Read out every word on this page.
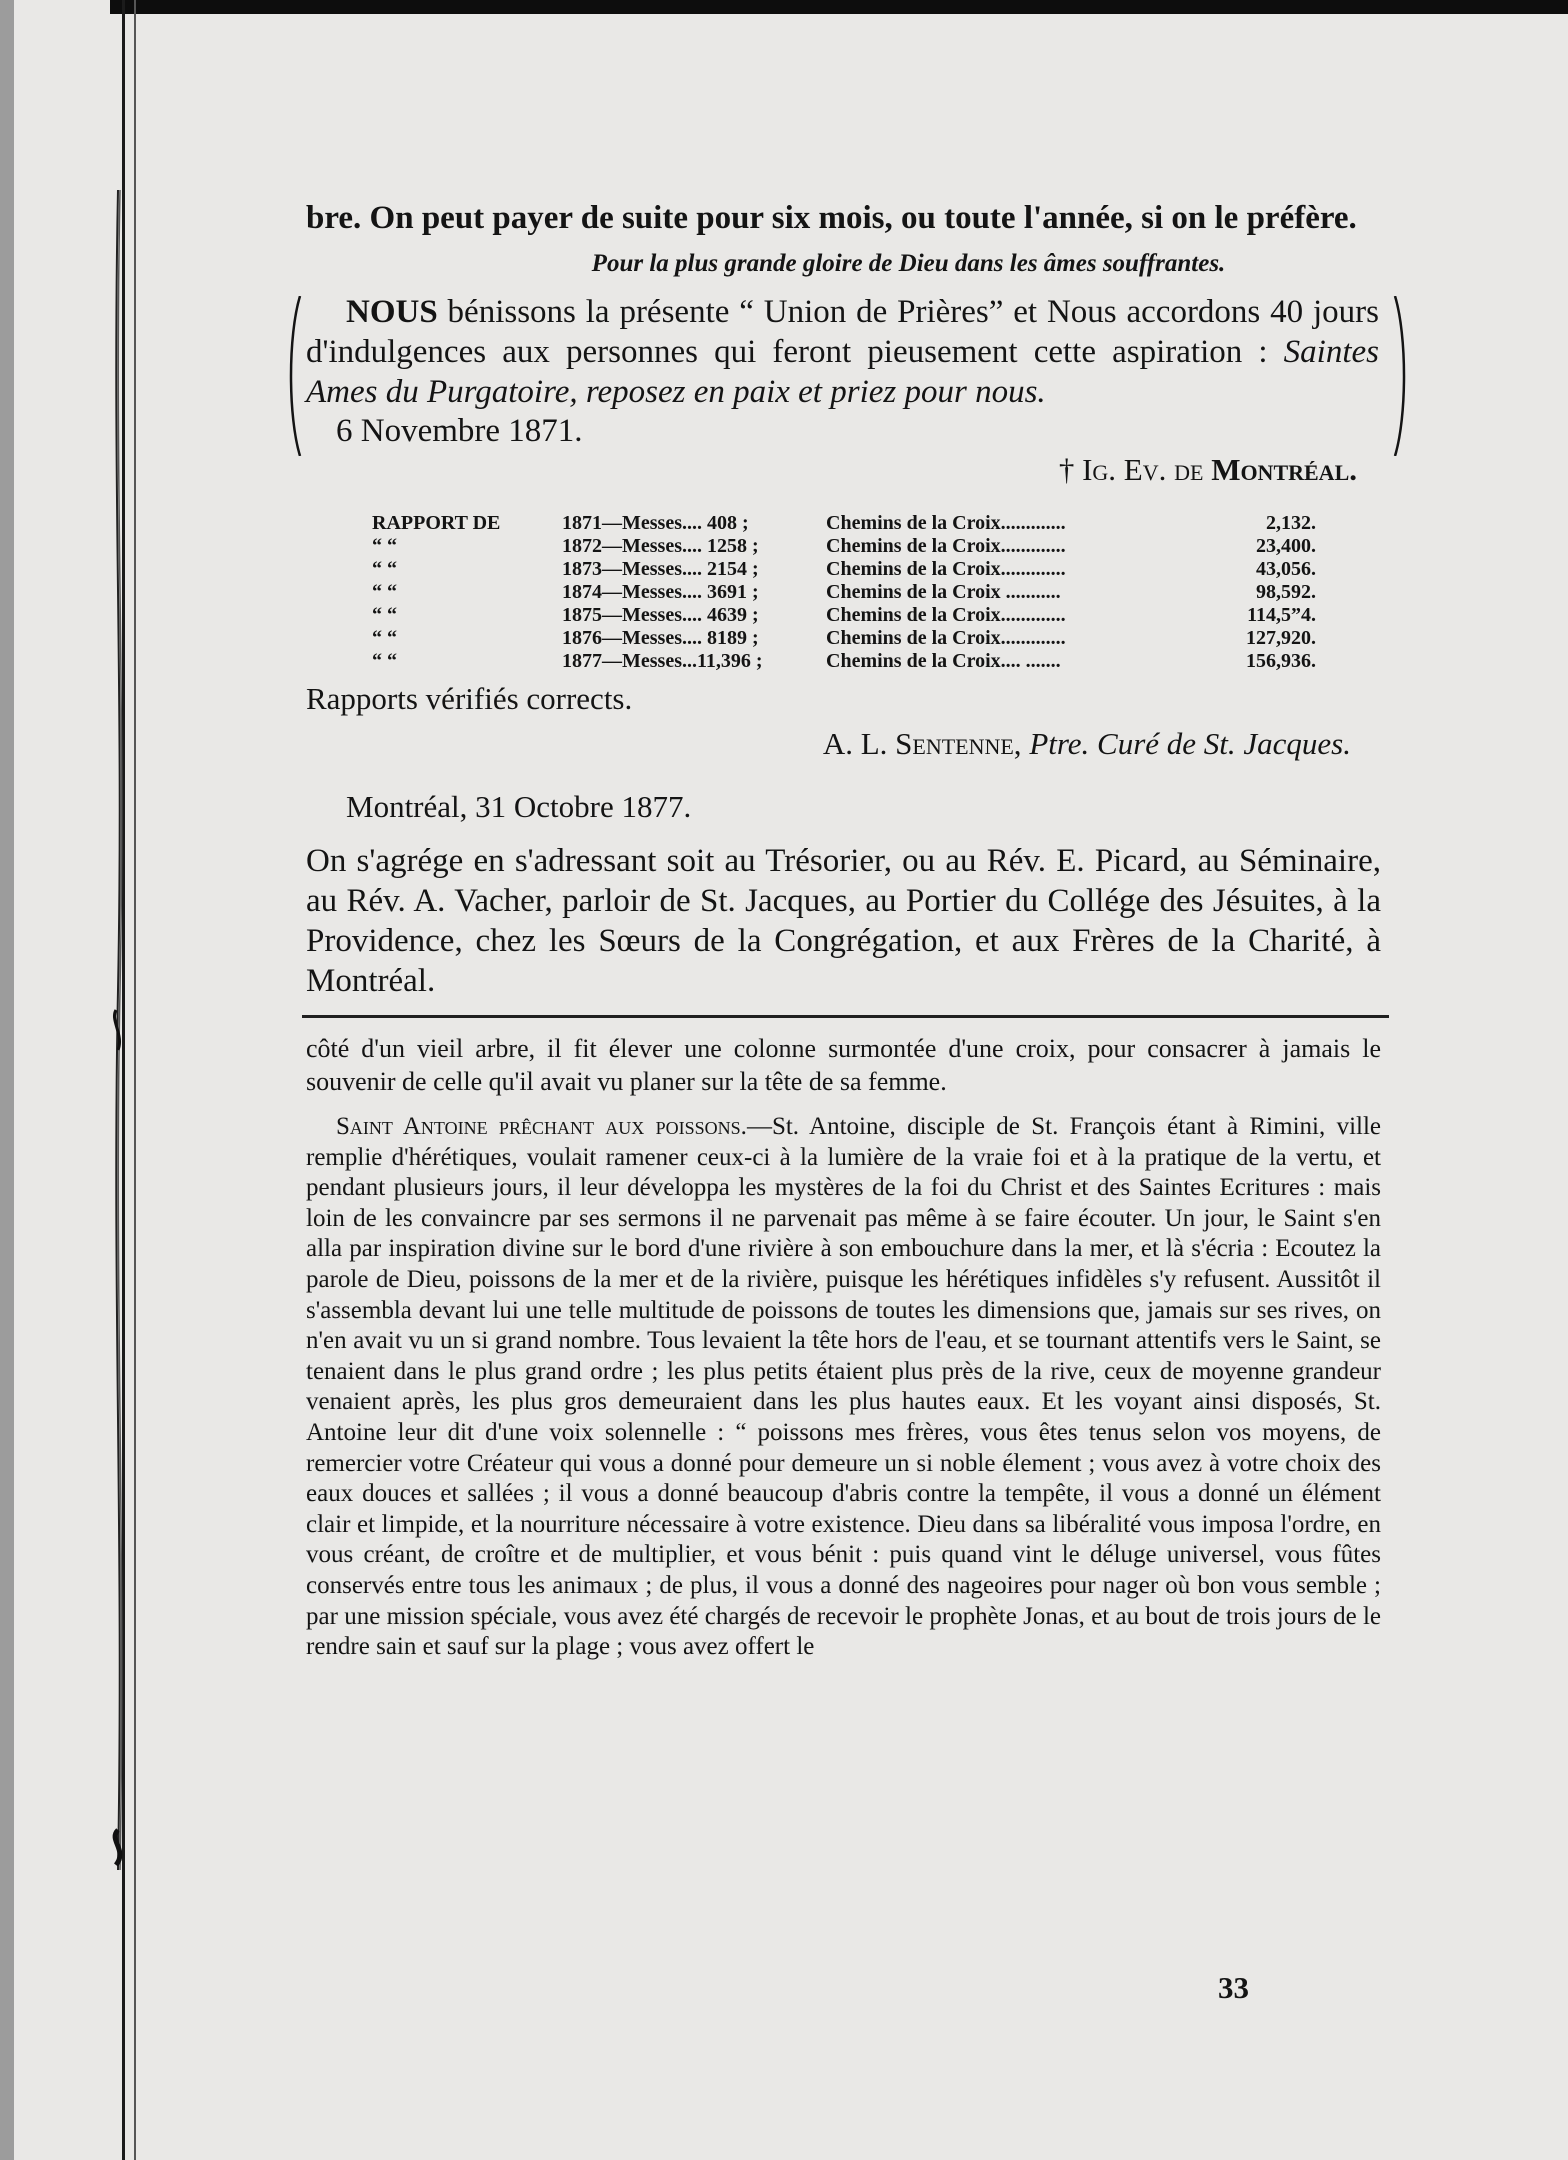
bre. On peut payer de suite pour six mois, ou toute l'année, si on le préfère.

Pour la plus grande gloire de Dieu dans les âmes souffrantes.

NOUS bénissons la présente “ Union de Prières” et Nous accordons 40 jours d'indulgences aux personnes qui feront pieusement cette aspiration : Saintes Ames du Purgatoire, reposez en paix et priez pour nous.

6 Novembre 1871.

† Ig. Ev. de Montréal.

RAPPORT DE	1871—Messes.... 408 ;	Chemins de la Croix.............	2,132.
“ “	1872—Messes.... 1258 ;	Chemins de la Croix.............	23,400.
“ “	1873—Messes.... 2154 ;	Chemins de la Croix.............	43,056.
“ “	1874—Messes.... 3691 ;	Chemins de la Croix ...........	98,592.
“ “	1875—Messes.... 4639 ;	Chemins de la Croix.............	114,5”4.
“ “	1876—Messes.... 8189 ;	Chemins de la Croix.............	127,920.
“ “	1877—Messes...11,396 ;	Chemins de la Croix.... .......	156,936.

Rapports vérifiés corrects.

A. L. Sentenne, Ptre. Curé de St. Jacques.

Montréal, 31 Octobre 1877.

On s'agrége en s'adressant soit au Trésorier, ou au Rév. E. Picard, au Séminaire, au Rév. A. Vacher, parloir de St. Jacques, au Portier du Collége des Jésuites, à la Providence, chez les Sœurs de la Congrégation, et aux Frères de la Charité, à Montréal.

côté d'un vieil arbre, il fit élever une colonne surmontée d'une croix, pour consacrer à jamais le souvenir de celle qu'il avait vu planer sur la tête de sa femme.

Saint Antoine prêchant aux poissons.—St. Antoine, disciple de St. François étant à Rimini, ville remplie d'hérétiques, voulait ramener ceux-ci à la lumière de la vraie foi et à la pratique de la vertu, et pendant plusieurs jours, il leur développa les mystères de la foi du Christ et des Saintes Ecritures : mais loin de les convaincre par ses sermons il ne parvenait pas même à se faire écouter. Un jour, le Saint s'en alla par inspiration divine sur le bord d'une rivière à son embouchure dans la mer, et là s'écria : Ecoutez la parole de Dieu, poissons de la mer et de la rivière, puisque les hérétiques infidèles s'y refusent. Aussitôt il s'assembla devant lui une telle multitude de poissons de toutes les dimensions que, jamais sur ses rives, on n'en avait vu un si grand nombre. Tous levaient la tête hors de l'eau, et se tournant attentifs vers le Saint, se tenaient dans le plus grand ordre ; les plus petits étaient plus près de la rive, ceux de moyenne grandeur venaient après, les plus gros demeuraient dans les plus hautes eaux. Et les voyant ainsi disposés, St. Antoine leur dit d'une voix solennelle : “ poissons mes frères, vous êtes tenus selon vos moyens, de remercier votre Créateur qui vous a donné pour demeure un si noble élement ; vous avez à votre choix des eaux douces et sallées ; il vous a donné beaucoup d'abris contre la tempête, il vous a donné un élément clair et limpide, et la nourriture nécessaire à votre existence. Dieu dans sa libéralité vous imposa l'ordre, en vous créant, de croître et de multiplier, et vous bénit : puis quand vint le déluge universel, vous fûtes conservés entre tous les animaux ; de plus, il vous a donné des nageoires pour nager où bon vous semble ; par une mission spéciale, vous avez été chargés de recevoir le prophète Jonas, et au bout de trois jours de le rendre sain et sauf sur la plage ; vous avez offert le

33
